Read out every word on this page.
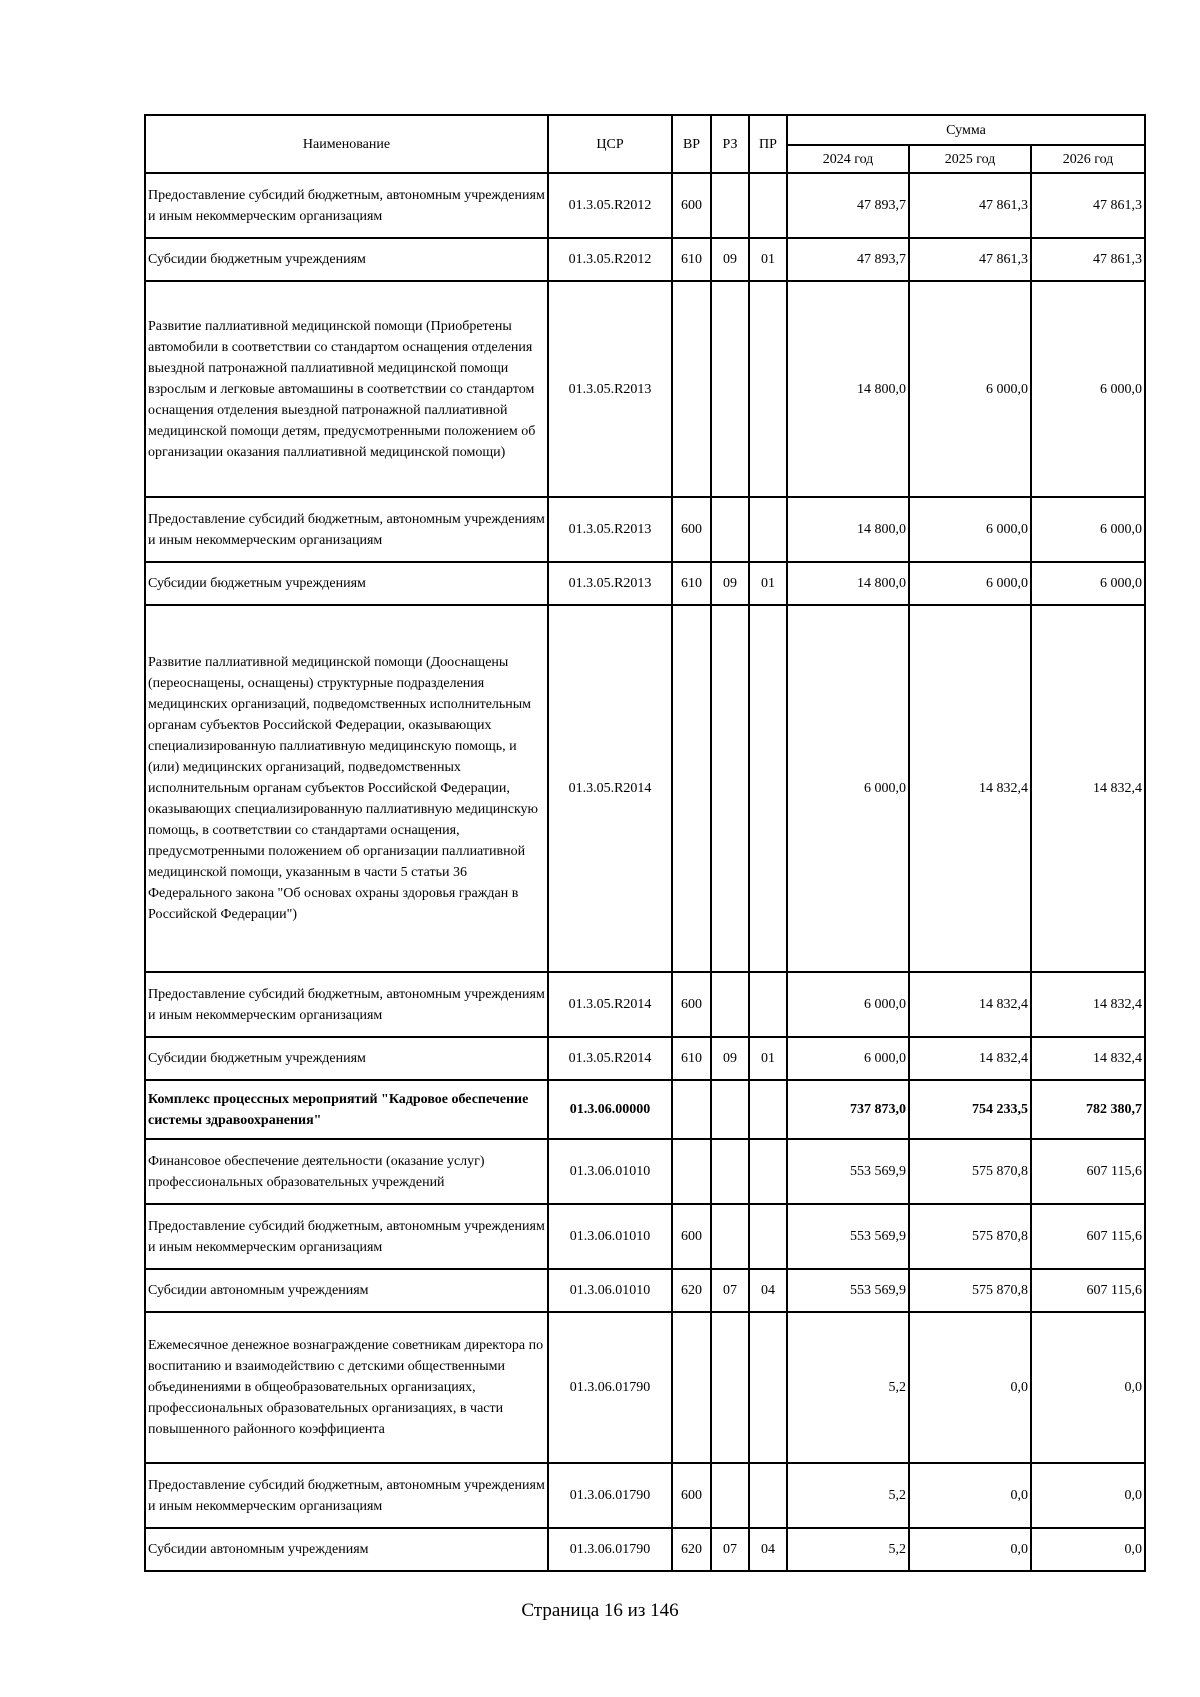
Наименование	ЦСР	ВР	РЗ	ПР	Сумма		
					2024 год	2025 год	2026 год
Предоставление субсидий бюджетным, автономным учреждениям и иным некоммерческим организациям	01.3.05.R2012	600			47 893,7	47 861,3	47 861,3
Субсидии бюджетным учреждениям	01.3.05.R2012	610	09	01	47 893,7	47 861,3	47 861,3
Развитие паллиативной медицинской помощи (Приобретены автомобили в соответствии со стандартом оснащения отделения выездной патронажной паллиативной медицинской помощи взрослым и легковые автомашины в соответствии со стандартом оснащения отделения выездной патронажной паллиативной медицинской помощи детям, предусмотренными положением об организации оказания паллиативной медицинской помощи)	01.3.05.R2013				14 800,0	6 000,0	6 000,0
Предоставление субсидий бюджетным, автономным учреждениям и иным некоммерческим организациям	01.3.05.R2013	600			14 800,0	6 000,0	6 000,0
Субсидии бюджетным учреждениям	01.3.05.R2013	610	09	01	14 800,0	6 000,0	6 000,0
Развитие паллиативной медицинской помощи (Дооснащены (переоснащены, оснащены) структурные подразделения медицинских организаций, подведомственных исполнительным органам субъектов Российской Федерации, оказывающих специализированную паллиативную медицинскую помощь, и (или) медицинских организаций, подведомственных исполнительным органам субъектов Российской Федерации, оказывающих специализированную паллиативную медицинскую помощь, в соответствии со стандартами оснащения, предусмотренными положением об организации паллиативной медицинской помощи, указанным в части 5 статьи 36 Федерального закона "Об основах охраны здоровья граждан в Российской Федерации")	01.3.05.R2014				6 000,0	14 832,4	14 832,4
Предоставление субсидий бюджетным, автономным учреждениям и иным некоммерческим организациям	01.3.05.R2014	600			6 000,0	14 832,4	14 832,4
Субсидии бюджетным учреждениям	01.3.05.R2014	610	09	01	6 000,0	14 832,4	14 832,4
Комплекс процессных мероприятий "Кадровое обеспечение системы здравоохранения"	01.3.06.00000				737 873,0	754 233,5	782 380,7
Финансовое обеспечение деятельности (оказание услуг) профессиональных образовательных учреждений	01.3.06.01010				553 569,9	575 870,8	607 115,6
Предоставление субсидий бюджетным, автономным учреждениям и иным некоммерческим организациям	01.3.06.01010	600			553 569,9	575 870,8	607 115,6
Субсидии автономным учреждениям	01.3.06.01010	620	07	04	553 569,9	575 870,8	607 115,6
Ежемесячное денежное вознаграждение советникам директора по воспитанию и взаимодействию с детскими общественными объединениями в общеобразовательных организациях, профессиональных образовательных организациях, в части повышенного районного коэффициента	01.3.06.01790				5,2	0,0	0,0
Предоставление субсидий бюджетным, автономным учреждениям и иным некоммерческим организациям	01.3.06.01790	600			5,2	0,0	0,0
Субсидии автономным учреждениям	01.3.06.01790	620	07	04	5,2	0,0	0,0
Страница 16 из 146
